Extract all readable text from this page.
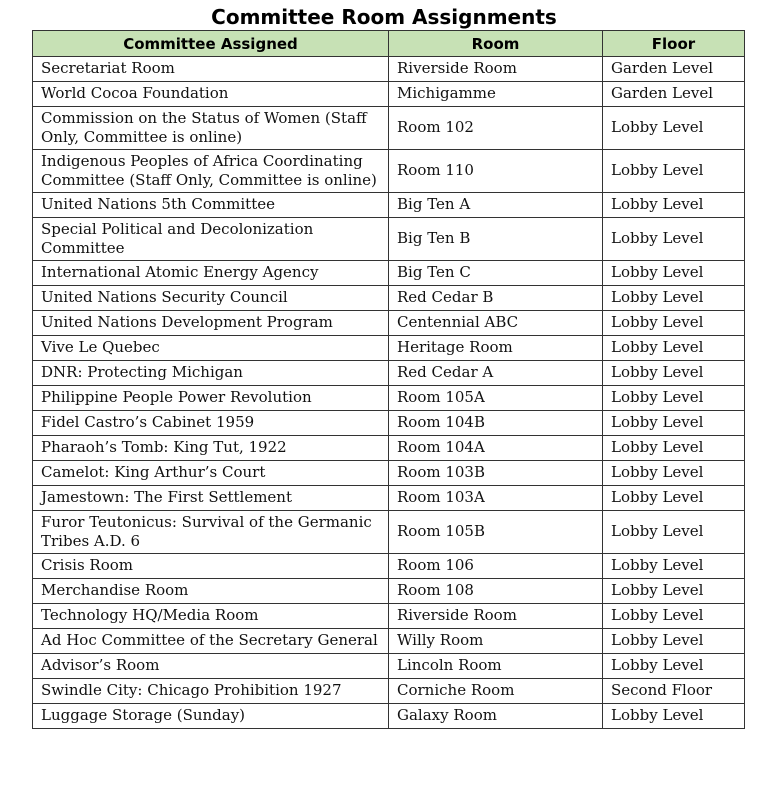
Committee Room Assignments
Committee Assigned	Room	Floor
Secretariat Room	Riverside Room	Garden Level
World Cocoa Foundation	Michigamme	Garden Level
Commission on the Status of Women (Staff Only, Committee is online)	Room 102	Lobby Level
Indigenous Peoples of Africa Coordinating Committee (Staff Only, Committee is online)	Room 110	Lobby Level
United Nations 5th Committee	Big Ten A	Lobby Level
Special Political and Decolonization Committee	Big Ten B	Lobby Level
International Atomic Energy Agency	Big Ten C	Lobby Level
United Nations Security Council	Red Cedar B	Lobby Level
United Nations Development Program	Centennial ABC	Lobby Level
Vive Le Quebec	Heritage Room	Lobby Level
DNR: Protecting Michigan	Red Cedar A	Lobby Level
Philippine People Power Revolution	Room 105A	Lobby Level
Fidel Castro’s Cabinet 1959	Room 104B	Lobby Level
Pharaoh’s Tomb: King Tut, 1922	Room 104A	Lobby Level
Camelot: King Arthur’s Court	Room 103B	Lobby Level
Jamestown: The First Settlement	Room 103A	Lobby Level
Furor Teutonicus: Survival of the Germanic Tribes A.D. 6	Room 105B	Lobby Level
Crisis Room	Room 106	Lobby Level
Merchandise Room	Room 108	Lobby Level
Technology HQ/Media Room	Riverside Room	Lobby Level
Ad Hoc Committee of the Secretary General	Willy Room	Lobby Level
Advisor’s Room	Lincoln Room	Lobby Level
Swindle City: Chicago Prohibition 1927	Corniche Room	Second Floor
Luggage Storage (Sunday)	Galaxy Room	Lobby Level
